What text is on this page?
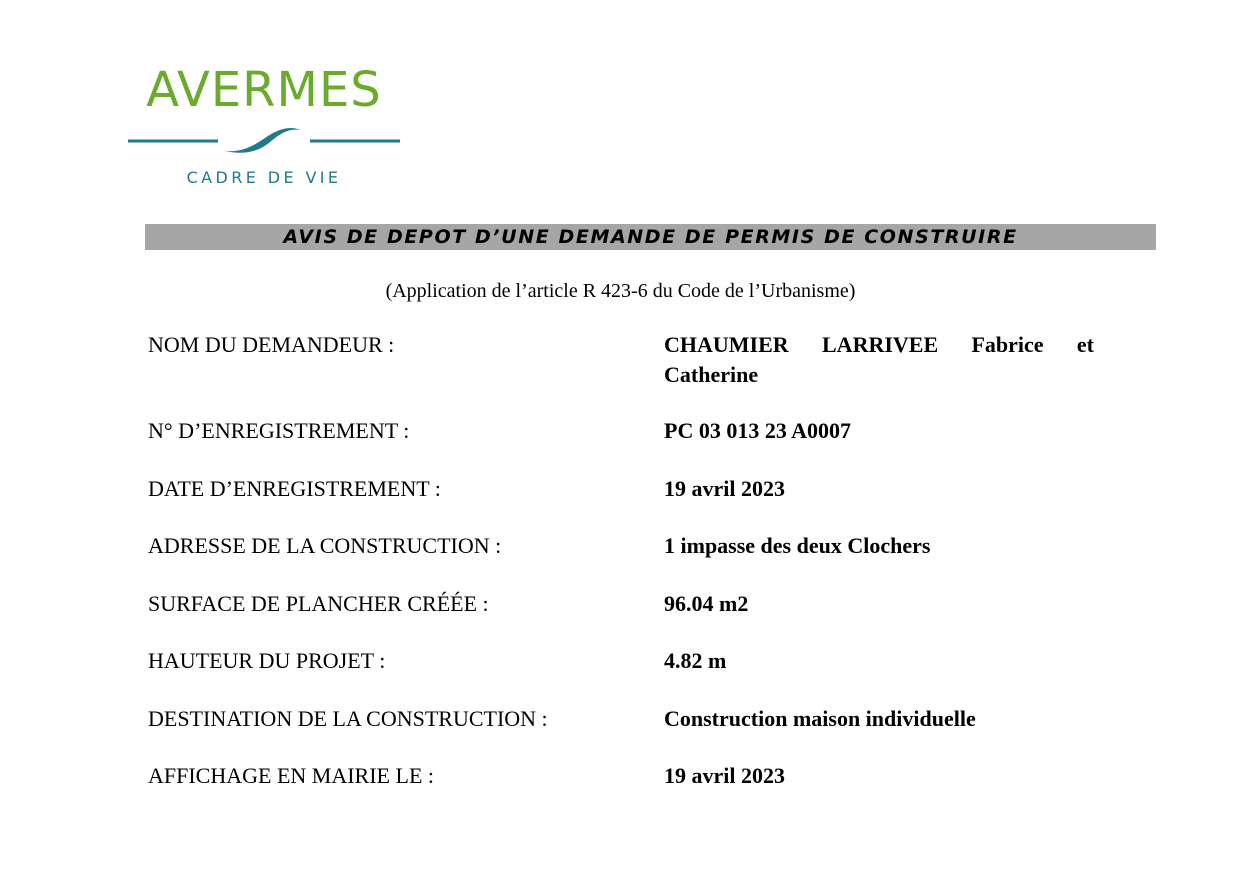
AVERMES
CADRE DE VIE
AVIS DE DEPOT D’UNE DEMANDE DE PERMIS DE CONSTRUIRE
(Application de l’article R 423-6 du Code de l’Urbanisme)
NOM DU DEMANDEUR :	CHAUMIER LARRIVEE Fabrice et Catherine
N° D’ENREGISTREMENT :	PC 03 013 23 A0007
DATE D’ENREGISTREMENT :	19 avril 2023
ADRESSE DE LA CONSTRUCTION :	1 impasse des deux Clochers
SURFACE DE PLANCHER CRÉÉE :	96.04 m2
HAUTEUR DU PROJET :	4.82 m
DESTINATION DE LA CONSTRUCTION :	Construction maison individuelle
AFFICHAGE EN MAIRIE LE :	19 avril 2023
